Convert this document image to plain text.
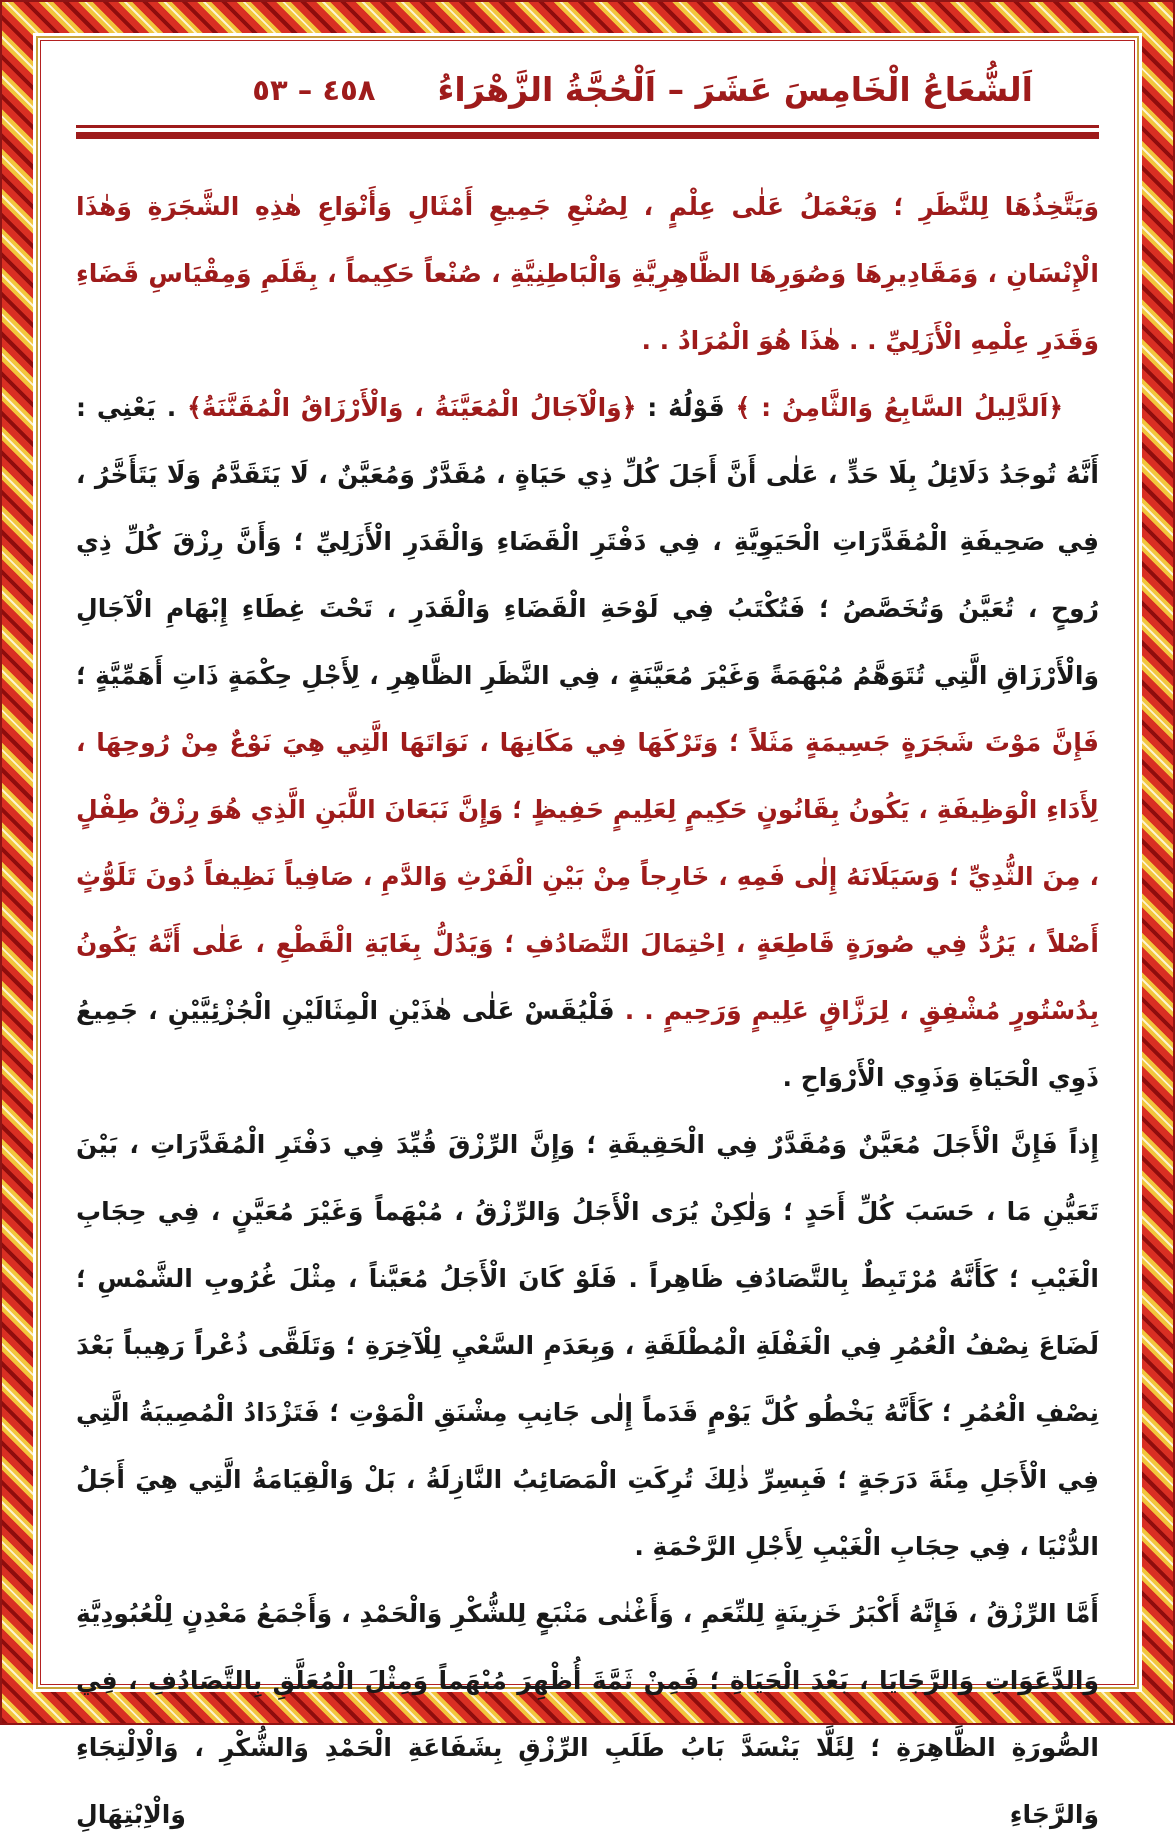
اَلشُّعَاعُ الْخَامِسَ عَشَرَ – اَلْحُجَّةُ الزَّهْرَاءُ
٤٥٨ – ٥٣

وَيَتَّخِذُهَا لِلنَّظَرِ ؛ وَيَعْمَلُ عَلٰى عِلْمٍ ، لِصُنْعِ جَمِيعِ أَمْثَالِ وَأَنْوَاعِ هٰذِهِ الشَّجَرَةِ وَهٰذَا الْإِنْسَانِ ، وَمَقَادِيرِهَا وَصُوَرِهَا الظَّاهِرِيَّةِ وَالْبَاطِنِيَّةِ ، صُنْعاً حَكِيماً ، بِقَلَمِ وَمِقْيَاسِ قَضَاءِ وَقَدَرِ عِلْمِهِ الْأَزَلِيِّ . . هٰذَا هُوَ الْمُرَادُ . .

﴿اَلدَّلِيلُ السَّابِعُ وَالثَّامِنُ : ﴾ قَوْلُهُ : ﴿وَالْآجَالُ الْمُعَيَّنَةُ ، وَالْأَرْزَاقُ الْمُقَنَّنَةُ﴾ . يَعْنِي : أَنَّهُ تُوجَدُ دَلَائِلُ بِلَا حَدٍّ ، عَلٰى أَنَّ أَجَلَ كُلِّ ذِي حَيَاةٍ ، مُقَدَّرٌ وَمُعَيَّنٌ ، لَا يَتَقَدَّمُ وَلَا يَتَأَخَّرُ ، فِي صَحِيفَةِ الْمُقَدَّرَاتِ الْحَيَوِيَّةِ ، فِي دَفْتَرِ الْقَضَاءِ وَالْقَدَرِ الْأَزَلِيِّ ؛ وَأَنَّ رِزْقَ كُلِّ ذِي رُوحٍ ، تُعَيَّنُ وَتُخَصَّصُ ؛ فَتُكْتَبُ فِي لَوْحَةِ الْقَضَاءِ وَالْقَدَرِ ، تَحْتَ غِطَاءِ إِبْهَامِ الْآجَالِ وَالْأَرْزَاقِ الَّتِي تُتَوَهَّمُ مُبْهَمَةً وَغَيْرَ مُعَيَّنَةٍ ، فِي النَّظَرِ الظَّاهِرِ ، لِأَجْلِ حِكْمَةٍ ذَاتِ أَهَمِّيَّةٍ ؛ فَإِنَّ مَوْتَ شَجَرَةٍ جَسِيمَةٍ مَثَلاً ؛ وَتَرْكَهَا فِي مَكَانِهَا ، نَوَاتَهَا الَّتِي هِيَ نَوْعٌ مِنْ رُوحِهَا ، لِأَدَاءِ الْوَظِيفَةِ ، يَكُونُ بِقَانُونٍ حَكِيمٍ لِعَلِيمٍ حَفِيظٍ ؛ وَإِنَّ نَبَعَانَ اللَّبَنِ الَّذِي هُوَ رِزْقُ طِفْلٍ ، مِنَ الثُّدِيِّ ؛ وَسَيَلَانَهُ إِلٰى فَمِهِ ، خَارِجاً مِنْ بَيْنِ الْفَرْثِ وَالدَّمِ ، صَافِياً نَظِيفاً دُونَ تَلَوُّثٍ أَصْلاً ، يَرُدُّ فِي صُورَةٍ قَاطِعَةٍ ، اِحْتِمَالَ التَّصَادُفِ ؛ وَيَدُلُّ بِغَايَةِ الْقَطْعِ ، عَلٰى أَنَّهُ يَكُونُ بِدُسْتُورٍ مُشْفِقٍ ، لِرَزَّاقٍ عَلِيمٍ وَرَحِيمٍ . . فَلْيُقَسْ عَلٰى هٰذَيْنِ الْمِثَالَيْنِ الْجُزْئِيَّيْنِ ، جَمِيعُ ذَوِي الْحَيَاةِ وَذَوِي الْأَرْوَاحِ .

إِذاً فَإِنَّ الْأَجَلَ مُعَيَّنٌ وَمُقَدَّرٌ فِي الْحَقِيقَةِ ؛ وَإِنَّ الرِّزْقَ قُيِّدَ فِي دَفْتَرِ الْمُقَدَّرَاتِ ، بَيْنَ تَعَيُّنِ مَا ، حَسَبَ كُلِّ أَحَدٍ ؛ وَلٰكِنْ يُرَى الْأَجَلُ وَالرِّزْقُ ، مُبْهَماً وَغَيْرَ مُعَيَّنٍ ، فِي حِجَابِ الْغَيْبِ ؛ كَأَنَّهُ مُرْتَبِطٌ بِالتَّصَادُفِ ظَاهِراً . فَلَوْ كَانَ الْأَجَلُ مُعَيَّناً ، مِثْلَ غُرُوبِ الشَّمْسِ ؛ لَضَاعَ نِصْفُ الْعُمُرِ فِي الْغَفْلَةِ الْمُطْلَقَةِ ، وَبِعَدَمِ السَّعْيِ لِلْآخِرَةِ ؛ وَتَلَقَّى ذُعْراً رَهِيباً بَعْدَ نِصْفِ الْعُمُرِ ؛ كَأَنَّهُ يَخْطُو كُلَّ يَوْمٍ قَدَماً إِلٰى جَانِبِ مِشْنَقِ الْمَوْتِ ؛ فَتَزْدَادُ الْمُصِيبَةُ الَّتِي فِي الْأَجَلِ مِئَةَ دَرَجَةٍ ؛ فَبِسِرِّ ذٰلِكَ تُرِكَتِ الْمَصَائِبُ النَّازِلَةُ ، بَلْ وَالْقِيَامَةُ الَّتِي هِيَ أَجَلُ الدُّنْيَا ، فِي حِجَابِ الْغَيْبِ لِأَجْلِ الرَّحْمَةِ .

أَمَّا الرِّزْقُ ، فَإِنَّهُ أَكْبَرُ خَزِينَةٍ لِلنِّعَمِ ، وَأَغْنٰى مَنْبَعٍ لِلشُّكْرِ وَالْحَمْدِ ، وَأَجْمَعُ مَعْدِنٍ لِلْعُبُودِيَّةِ وَالدَّعَوَاتِ وَالرَّجَايَا ، بَعْدَ الْحَيَاةِ ؛ فَمِنْ ثَمَّةَ أُظْهِرَ مُبْهَماً وَمِثْلَ الْمُعَلَّقِ بِالتَّصَادُفِ ، فِي الصُّورَةِ الظَّاهِرَةِ ؛ لِئَلَّا يَنْسَدَّ بَابُ طَلَبِ الرِّزْقِ بِشَفَاعَةِ الْحَمْدِ وَالشُّكْرِ ، وَالْاِلْتِجَاءِ وَالرَّجَاءِ وَالْاِبْتِهَالِ
